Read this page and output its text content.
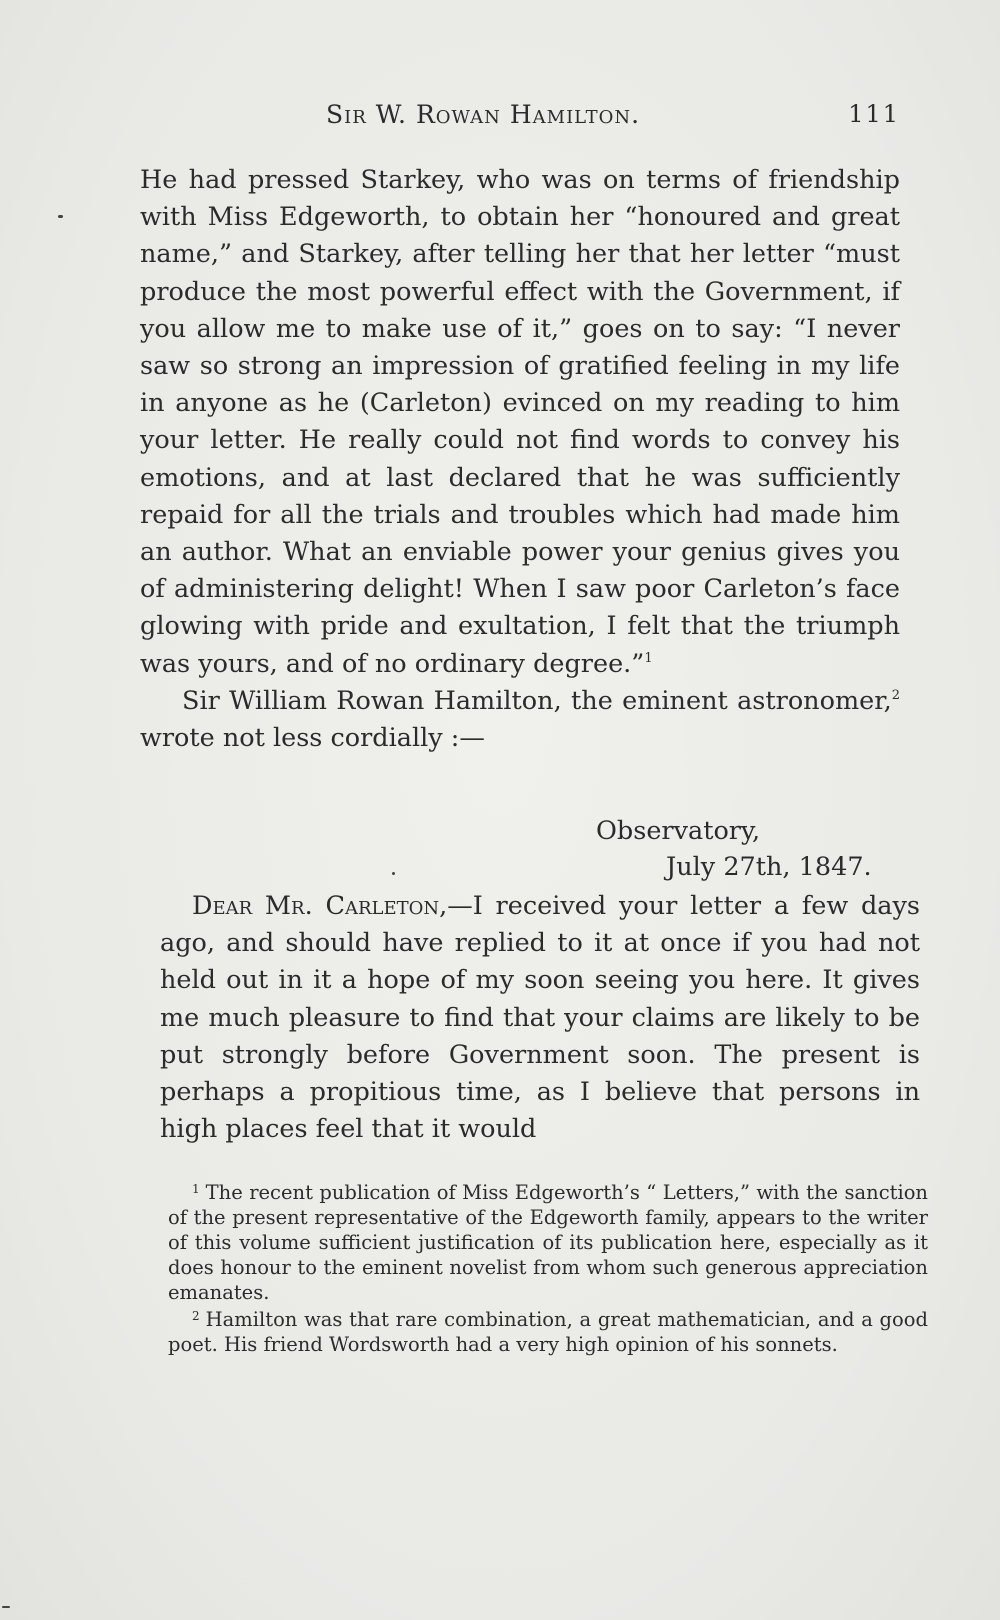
Sir W. Rowan Hamilton.	111

He had pressed Starkey, who was on terms of friendship with Miss Edgeworth, to obtain her “honoured and great name,” and Starkey, after telling her that her letter “must produce the most powerful effect with the Government, if you allow me to make use of it,” goes on to say: “I never saw so strong an impression of gratified feeling in my life in anyone as he (Carleton) evinced on my reading to him your letter. He really could not find words to convey his emotions, and at last declared that he was sufficiently repaid for all the trials and troubles which had made him an author. What an enviable power your genius gives you of administering delight! When I saw poor Carleton’s face glowing with pride and exultation, I felt that the triumph was yours, and of no ordinary degree.”$^1$

Sir William Rowan Hamilton, the eminent astronomer,$^2$ wrote not less cordially :—

Observatory,
July 27th, 1847.

Dear Mr. Carleton,—I received your letter a few days ago, and should have replied to it at once if you had not held out in it a hope of my soon seeing you here. It gives me much pleasure to find that your claims are likely to be put strongly before Government soon. The present is perhaps a propitious time, as I believe that persons in high places feel that it would

$^1$ The recent publication of Miss Edgeworth’s “ Letters,” with the sanction of the present representative of the Edgeworth family, appears to the writer of this volume sufficient justification of its publication here, especially as it does honour to the eminent novelist from whom such generous appreciation emanates.

$^2$ Hamilton was that rare combination, a great mathematician, and a good poet. His friend Wordsworth had a very high opinion of his sonnets.
